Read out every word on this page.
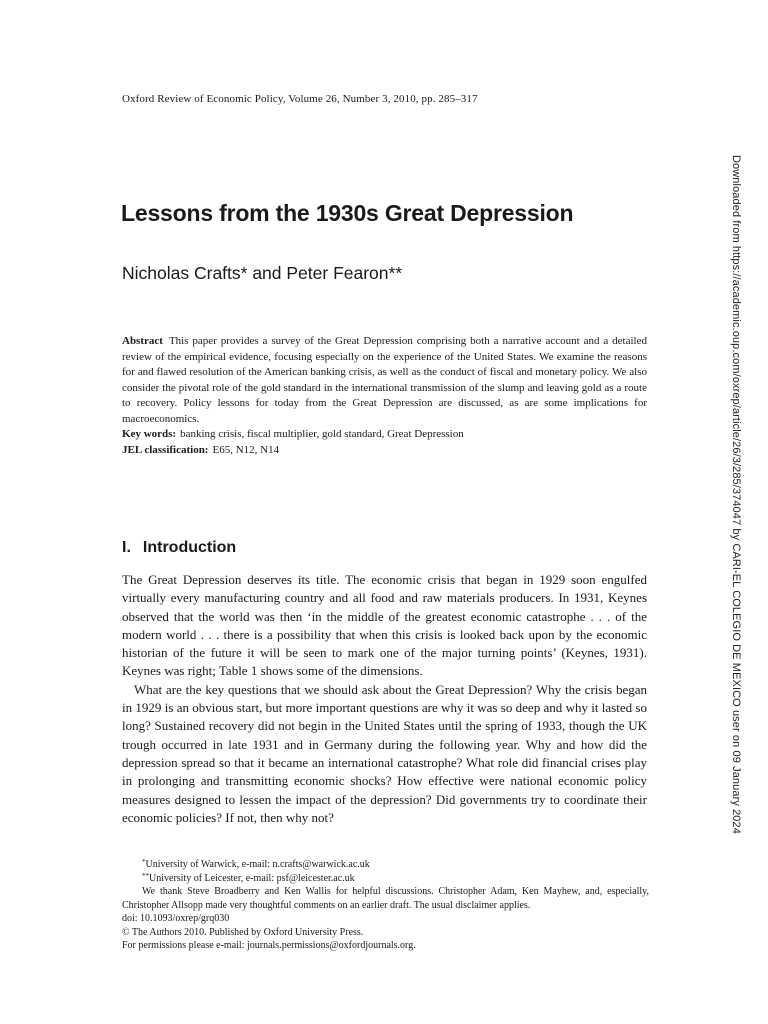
Oxford Review of Economic Policy, Volume 26, Number 3, 2010, pp. 285–317
Lessons from the 1930s Great Depression
Nicholas Crafts* and Peter Fearon**

Abstract This paper provides a survey of the Great Depression comprising both a narrative account and a detailed review of the empirical evidence, focusing especially on the experience of the United States. We examine the reasons for and flawed resolution of the American banking crisis, as well as the conduct of fiscal and monetary policy. We also consider the pivotal role of the gold standard in the international transmission of the slump and leaving gold as a route to recovery. Policy lessons for today from the Great Depression are discussed, as are some implications for macroeconomics.

Key words: banking crisis, fiscal multiplier, gold standard, Great Depression

JEL classification: E65, N12, N14

I. Introduction

The Great Depression deserves its title. The economic crisis that began in 1929 soon engulfed virtually every manufacturing country and all food and raw materials producers. In 1931, Keynes observed that the world was then ‘in the middle of the greatest economic catastrophe . . . of the modern world . . . there is a possibility that when this crisis is looked back upon by the economic historian of the future it will be seen to mark one of the major turning points’ (Keynes, 1931). Keynes was right; Table 1 shows some of the dimensions.

What are the key questions that we should ask about the Great Depression? Why the crisis began in 1929 is an obvious start, but more important questions are why it was so deep and why it lasted so long? Sustained recovery did not begin in the United States until the spring of 1933, though the UK trough occurred in late 1931 and in Germany during the following year. Why and how did the depression spread so that it became an international catastrophe? What role did financial crises play in prolonging and transmitting economic shocks? How effective were national economic policy measures designed to lessen the impact of the depression? Did governments try to coordinate their economic policies? If not, then why not?

*University of Warwick, e-mail: n.crafts@warwick.ac.uk

**University of Leicester, e-mail: psf@leicester.ac.uk

We thank Steve Broadberry and Ken Wallis for helpful discussions. Christopher Adam, Ken Mayhew, and, especially, Christopher Allsopp made very thoughtful comments on an earlier draft. The usual disclaimer applies.

doi: 10.1093/oxrep/grq030

© The Authors 2010. Published by Oxford University Press.

For permissions please e-mail: journals.permissions@oxfordjournals.org.

Downloaded from https://academic.oup.com/oxrep/article/26/3/285/374047 by CARI-EL COLEGIO DE MEXICO user on 09 January 2024
